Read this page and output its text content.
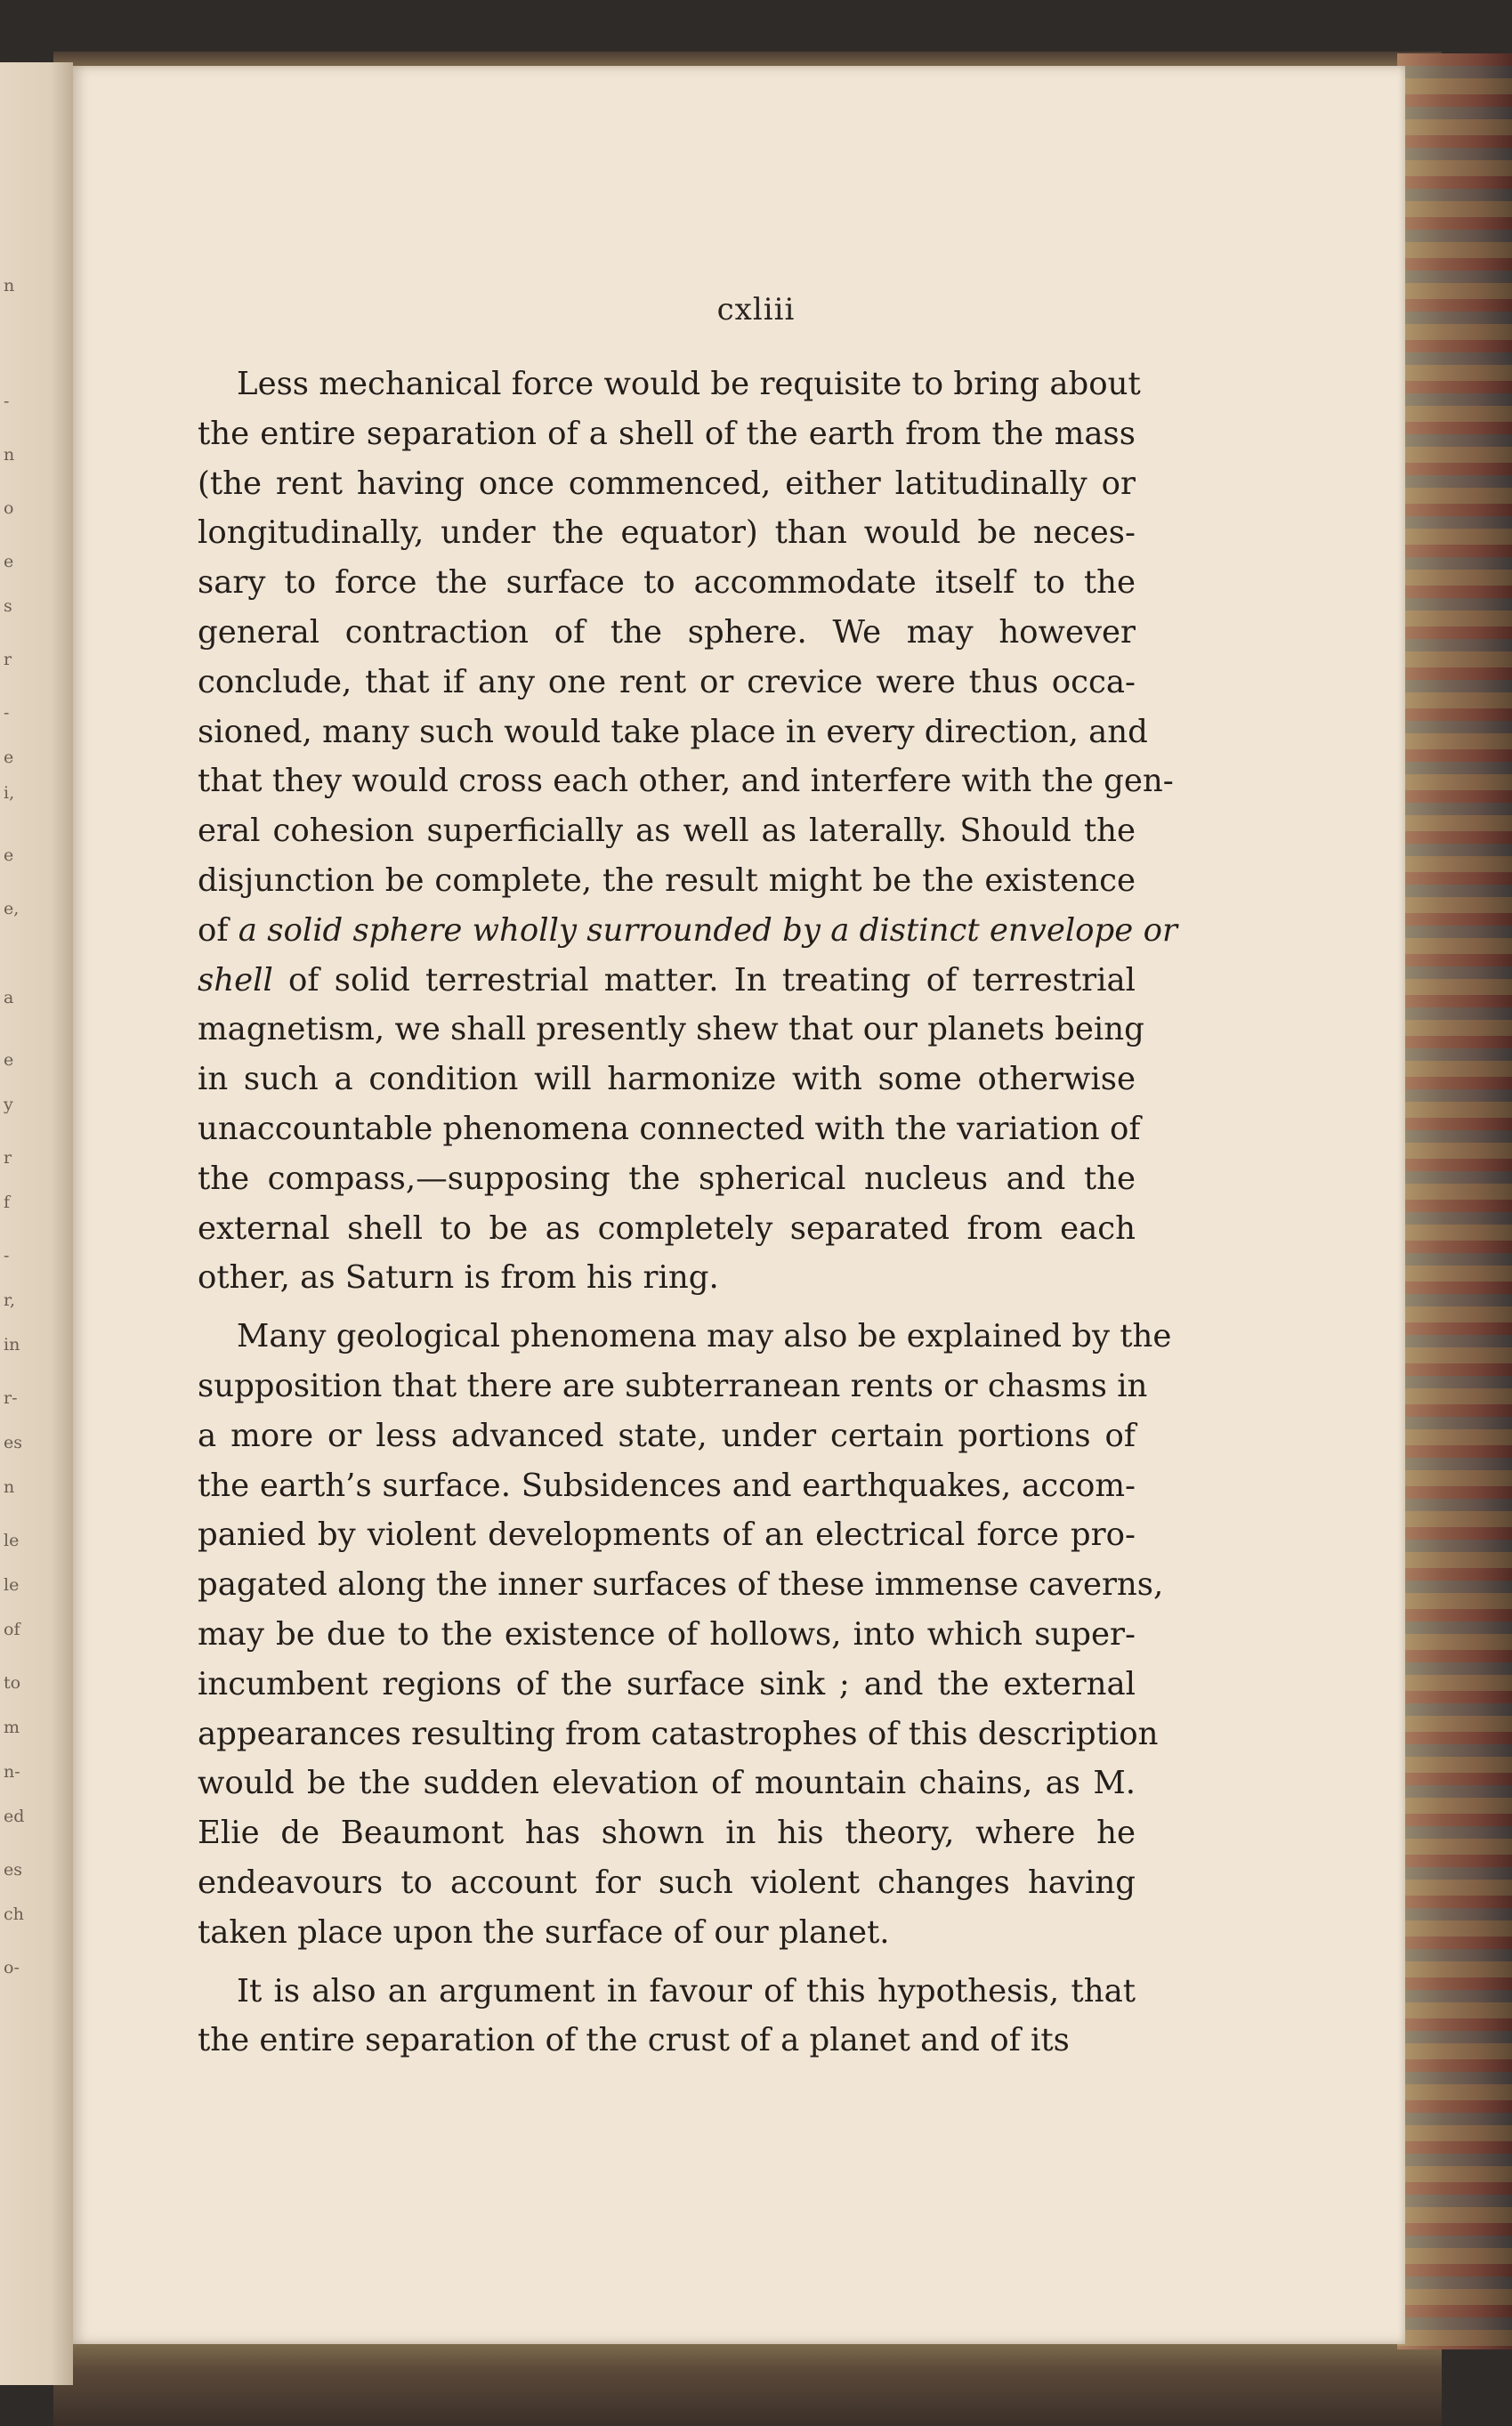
n
-
n
o
e
s
r
-
e
i,
e
e,
a
e
y
r
f
-
r,
in
r-
es
n
le
le
of
to
m
n-
ed
es
ch
o-
cxliii
Less mechanical force would be requisite to bring about
the entire separation of a shell of the earth from the mass
(the rent having once commenced, either latitudinally or
longitudinally, under the equator) than would be neces-
sary to force the surface to accommodate itself to the
general contraction of the sphere. We may however
conclude, that if any one rent or crevice were thus occa-
sioned, many such would take place in every direction, and
that they would cross each other, and interfere with the gen-
eral cohesion superficially as well as laterally. Should the
disjunction be complete, the result might be the existence
of a solid sphere wholly surrounded by a distinct envelope or
shell of solid terrestrial matter. In treating of terrestrial
magnetism, we shall presently shew that our planets being
in such a condition will harmonize with some otherwise
unaccountable phenomena connected with the variation of
the compass,—supposing the spherical nucleus and the
external shell to be as completely separated from each
other, as Saturn is from his ring.
Many geological phenomena may also be explained by the
supposition that there are subterranean rents or chasms in
a more or less advanced state, under certain portions of
the earth’s surface. Subsidences and earthquakes, accom-
panied by violent developments of an electrical force pro-
pagated along the inner surfaces of these immense caverns,
may be due to the existence of hollows, into which super-
incumbent regions of the surface sink ; and the external
appearances resulting from catastrophes of this description
would be the sudden elevation of mountain chains, as M.
Elie de Beaumont has shown in his theory, where he
endeavours to account for such violent changes having
taken place upon the surface of our planet.
It is also an argument in favour of this hypothesis, that
the entire separation of the crust of a planet and of its
